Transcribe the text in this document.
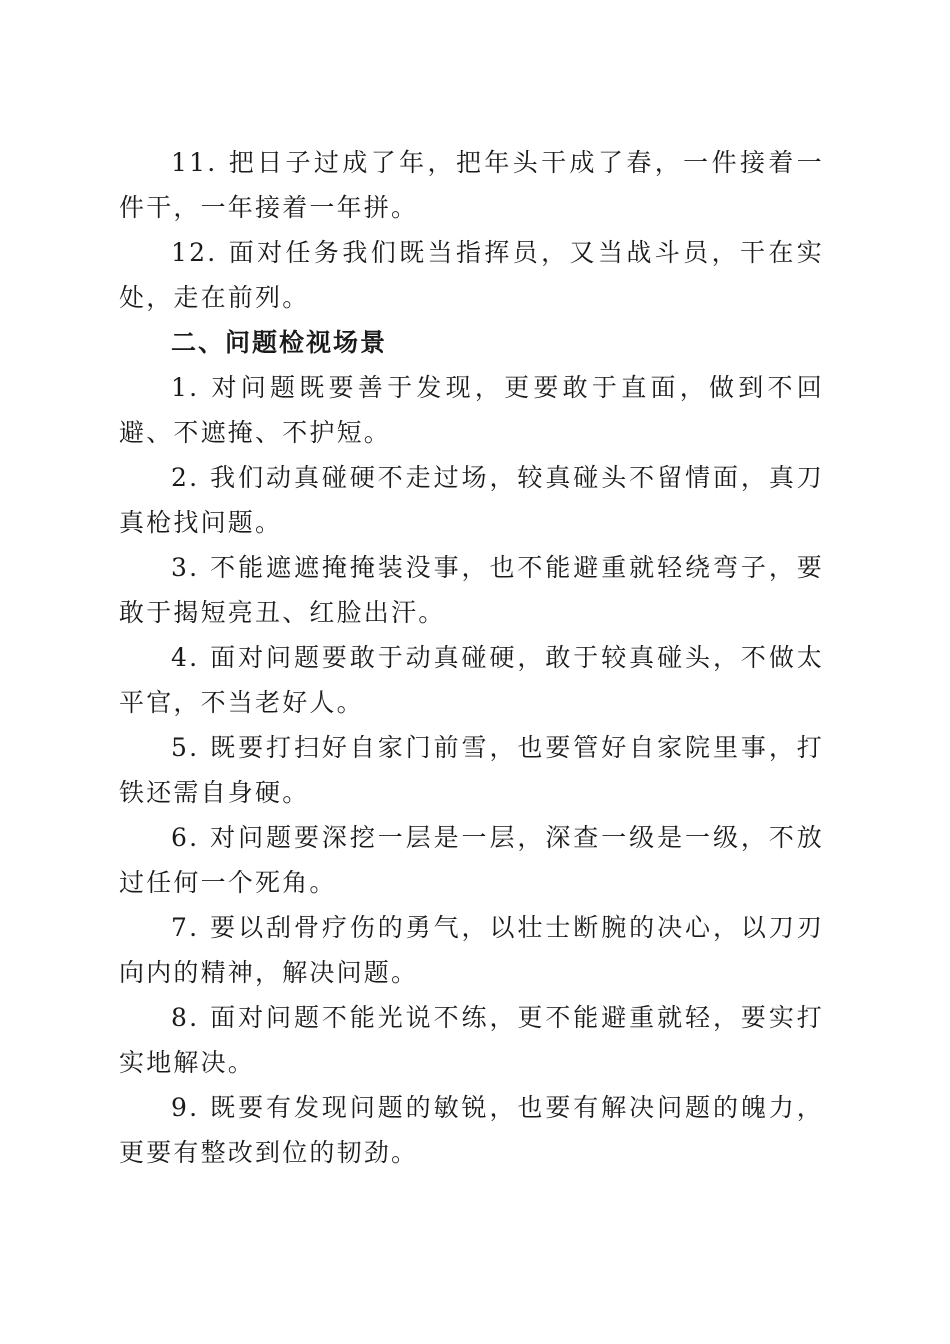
11. 把日子过成了年，把年头干成了春，一件接着一件干，一年接着一年拼。

12. 面对任务我们既当指挥员，又当战斗员，干在实处，走在前列。

二、问题检视场景

1. 对问题既要善于发现，更要敢于直面，做到不回避、不遮掩、不护短。

2. 我们动真碰硬不走过场，较真碰头不留情面，真刀真枪找问题。

3. 不能遮遮掩掩装没事，也不能避重就轻绕弯子，要敢于揭短亮丑、红脸出汗。

4. 面对问题要敢于动真碰硬，敢于较真碰头，不做太平官，不当老好人。

5. 既要打扫好自家门前雪，也要管好自家院里事，打铁还需自身硬。

6. 对问题要深挖一层是一层，深查一级是一级，不放过任何一个死角。

7. 要以刮骨疗伤的勇气，以壮士断腕的决心，以刀刃向内的精神，解决问题。

8. 面对问题不能光说不练，更不能避重就轻，要实打实地解决。

9. 既要有发现问题的敏锐，也要有解决问题的魄力，更要有整改到位的韧劲。
